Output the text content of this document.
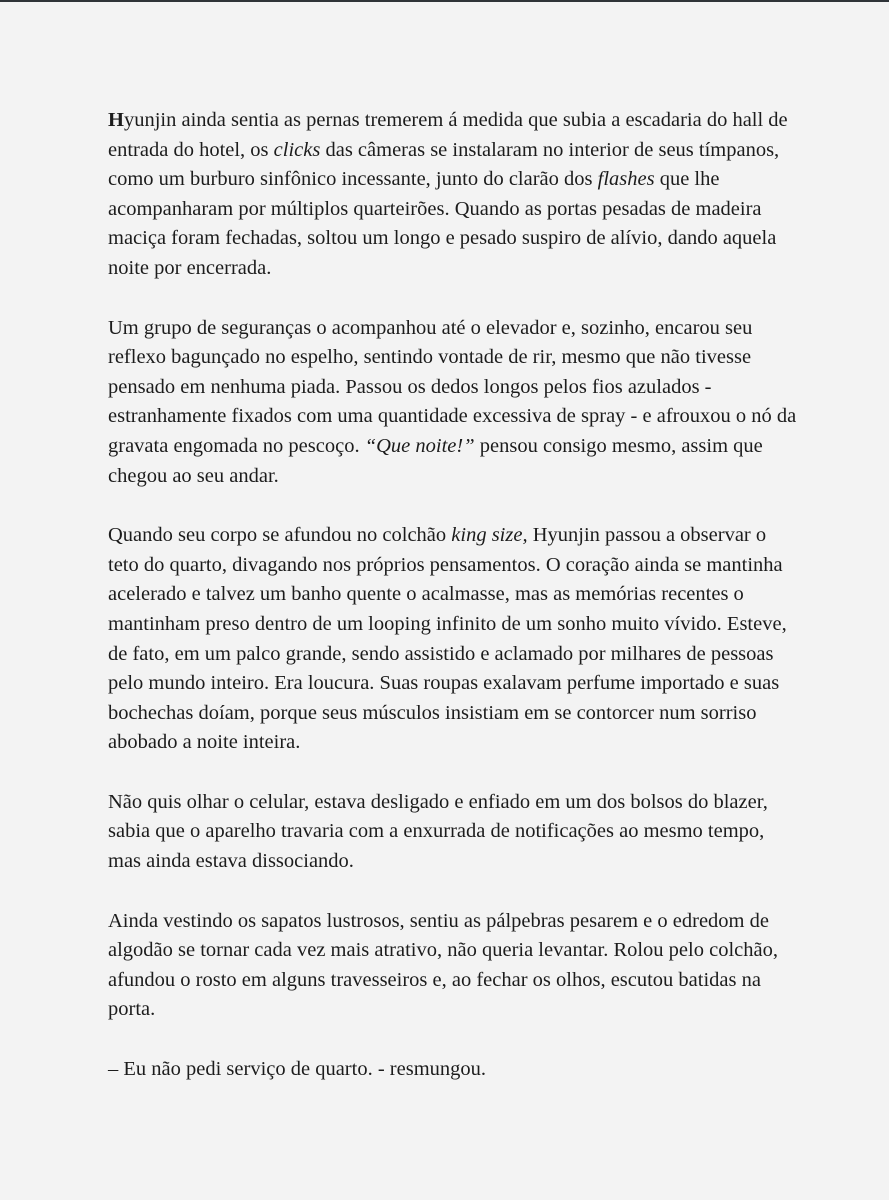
Hyunjin ainda sentia as pernas tremerem á medida que subia a escadaria do hall de entrada do hotel, os clicks das câmeras se instalaram no interior de seus tímpanos, como um burburo sinfônico incessante, junto do clarão dos flashes que lhe acompanharam por múltiplos quarteirões. Quando as portas pesadas de madeira maciça foram fechadas, soltou um longo e pesado suspiro de alívio, dando aquela noite por encerrada.

Um grupo de seguranças o acompanhou até o elevador e, sozinho, encarou seu reflexo bagunçado no espelho, sentindo vontade de rir, mesmo que não tivesse pensado em nenhuma piada. Passou os dedos longos pelos fios azulados - estranhamente fixados com uma quantidade excessiva de spray - e afrouxou o nó da gravata engomada no pescoço. “Que noite!” pensou consigo mesmo, assim que chegou ao seu andar.

Quando seu corpo se afundou no colchão king size, Hyunjin passou a observar o teto do quarto, divagando nos próprios pensamentos. O coração ainda se mantinha acelerado e talvez um banho quente o acalmasse, mas as memórias recentes o mantinham preso dentro de um looping infinito de um sonho muito vívido. Esteve, de fato, em um palco grande, sendo assistido e aclamado por milhares de pessoas pelo mundo inteiro. Era loucura. Suas roupas exalavam perfume importado e suas bochechas doíam, porque seus músculos insistiam em se contorcer num sorriso abobado a noite inteira.

Não quis olhar o celular, estava desligado e enfiado em um dos bolsos do blazer, sabia que o aparelho travaria com a enxurrada de notificações ao mesmo tempo, mas ainda estava dissociando.

Ainda vestindo os sapatos lustrosos, sentiu as pálpebras pesarem e o edredom de algodão se tornar cada vez mais atrativo, não queria levantar. Rolou pelo colchão, afundou o rosto em alguns travesseiros e, ao fechar os olhos, escutou batidas na porta.

– Eu não pedi serviço de quarto. - resmungou.
